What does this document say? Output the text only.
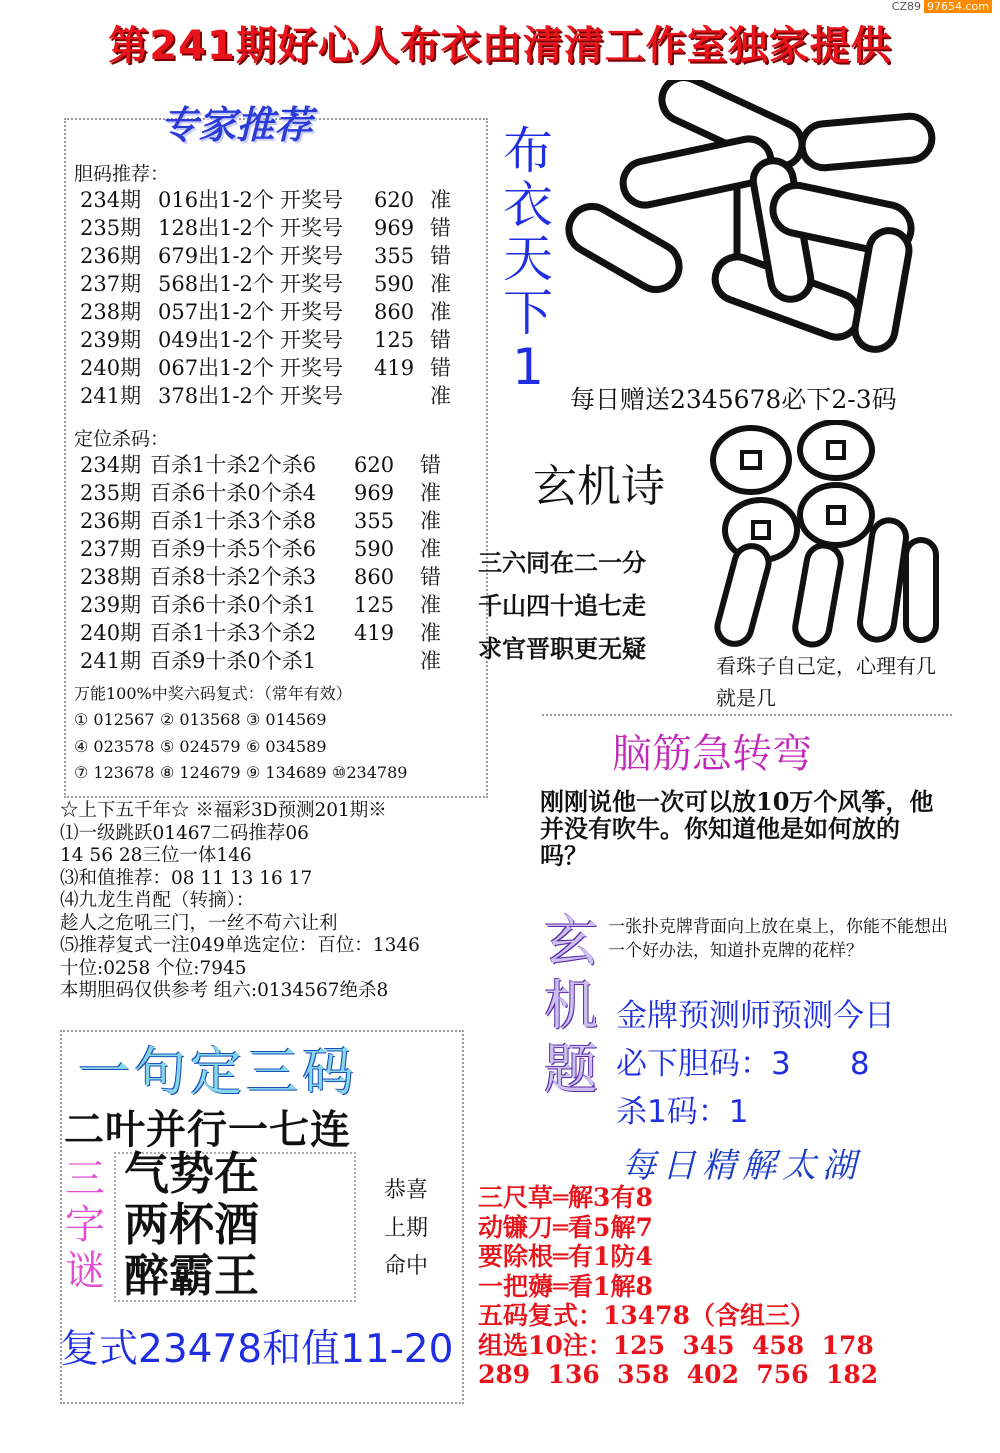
CZ89 97654.com
第241期好心人布衣由清清工作室独家提供
专家推荐
胆码推荐：
234期 016出1-2个 开奖号 620 准
235期 128出1-2个 开奖号 969 错
236期 679出1-2个 开奖号 355 错
237期 568出1-2个 开奖号 590 准
238期 057出1-2个 开奖号 860 准
239期 049出1-2个 开奖号 125 错
240期 067出1-2个 开奖号 419 错
241期 378出1-2个 开奖号	准
定位杀码：
234期 百杀1十杀2个杀6 620 错
235期 百杀6十杀0个杀4 969 准
236期 百杀1十杀3个杀8 355 准
237期 百杀9十杀5个杀6 590 准
238期 百杀8十杀2个杀3 860 错
239期 百杀6十杀0个杀1 125 准
240期 百杀1十杀3个杀2 419 准
241期 百杀9十杀0个杀1	准
万能100%中奖六码复式：（常年有效）
① 012567 ② 013568 ③ 014569
④ 023578 ⑤ 024579 ⑥ 034589
⑦ 123678 ⑧ 124679 ⑨ 134689 ⑩234789
☆上下五千年☆ ※福彩3D预测201期※
⑴一级跳跃01467二码推荐06
14 56 28三位一体146
⑶和值推荐：08 11 13 16 17
⑷九龙生肖配（转摘）：
趁人之危吼三门，一丝不苟六让利
⑸推荐复式一注049单选定位：百位：1346
十位:0258 个位:7945
本期胆码仅供参考 组六:0134567绝杀8
布
衣
天
下
1
每日赠送2345678必下2-3码
玄机诗
三六同在二一分
千山四十追七走
求官晋职更无疑
看珠子自己定，心理有几就是几
脑筋急转弯
刚刚说他一次可以放10万个风筝，他并没有吹牛。你知道他是如何放的吗？
玄
机
题
一张扑克牌背面向上放在桌上，你能不能想出一个好办法，知道扑克牌的花样？
金牌预测师预测今日
必下胆码：3      8
杀1码：1
每日精解太湖
三尺草═解3有8
动镰刀═看5解7
要除根═有1防4
一把薅═看1解8
五码复式：13478（含组三）
组选10注：125  345  458  178
289  136  358  402  756  182
一句定三码
二叶并行一七连
三
字
谜
气势在
两杯酒
醉霸王
恭喜
上期
命中
复式23478和值11-20
